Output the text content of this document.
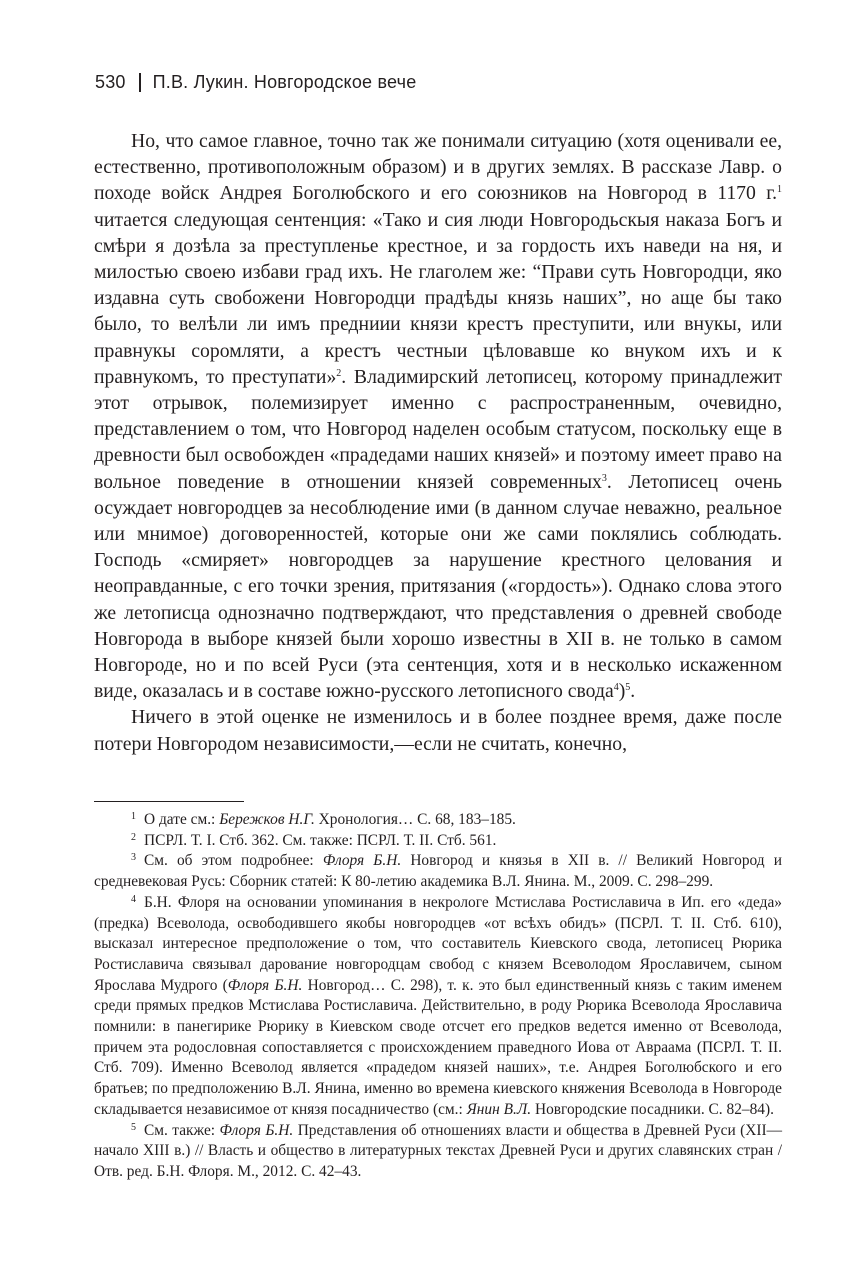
530 П.В. Лукин. Новгородское вече

Но, что самое главное, точно так же понимали ситуацию (хотя оценивали ее, естественно, противоположным образом) и в других землях. В рассказе Лавр. о походе войск Андрея Боголюбского и его союзников на Новгород в 1170 г.$^1$ читается следующая сентенция: «Тако и сия люди Новгородьскыя наказа Богъ и смѣри я дозѣла за преступленье крестное, и за гордость ихъ наведи на ня, и милостью своею избави град ихъ. Не глаголем же: “Прави суть Новгородци, яко издавна суть свобожени Новгородци прадѣды князь наших”, но аще бы тако было, то велѣли ли имъ предниии князи крестъ преступити, или внукы, или правнукы соромляти, а крестъ честныи цѣловавше ко внуком ихъ и к правнукомъ, то преступати»$^2$. Владимирский летописец, которому принадлежит этот отрывок, полемизирует именно с распространенным, очевидно, представлением о том, что Новгород наделен особым статусом, поскольку еще в древности был освобожден «прадедами наших князей» и поэтому имеет право на вольное поведение в отношении князей современных$^3$. Летописец очень осуждает новгородцев за несоблюдение ими (в данном случае неважно, реальное или мнимое) договоренностей, которые они же сами поклялись соблюдать. Господь «смиряет» новгородцев за нарушение крестного целования и неоправданные, с его точки зрения, притязания («гордость»). Однако слова этого же летописца однозначно подтверждают, что представления о древней свободе Новгорода в выборе князей были хорошо известны в XII в. не только в самом Новгороде, но и по всей Руси (эта сентенция, хотя и в несколько искаженном виде, оказалась и в составе южно-русского летописного свода$^4$)$^5$.

Ничего в этой оценке не изменилось и в более позднее время, даже после потери Новгородом независимости,—если не считать, конечно,

$^1$ О дате см.: Бережков Н.Г. Хронология… С. 68, 183–185.

$^2$ ПСРЛ. Т. I. Стб. 362. См. также: ПСРЛ. Т. II. Стб. 561.

$^3$ См. об этом подробнее: Флоря Б.Н. Новгород и князья в XII в. // Великий Новгород и средневековая Русь: Сборник статей: К 80-летию академика В.Л. Янина. М., 2009. С. 298–299.

$^4$ Б.Н. Флоря на основании упоминания в некрологе Мстислава Ростиславича в Ип. его «деда» (предка) Всеволода, освободившего якобы новгородцев «от всѣхъ обидъ» (ПСРЛ. Т. II. Стб. 610), высказал интересное предположение о том, что составитель Киевского свода, летописец Рюрика Ростиславича связывал дарование новгородцам свобод с князем Всеволодом Ярославичем, сыном Ярослава Мудрого (Флоря Б.Н. Новгород… С. 298), т. к. это был единственный князь с таким именем среди прямых предков Мстислава Ростиславича. Действительно, в роду Рюрика Всеволода Ярославича помнили: в панегирике Рюрику в Киевском своде отсчет его предков ведется именно от Всеволода, причем эта родословная сопоставляется с происхождением праведного Иова от Авраама (ПСРЛ. Т. II. Стб. 709). Именно Всеволод является «прадедом князей наших», т.е. Андрея Боголюбского и его братьев; по предположению В.Л. Янина, именно во времена киевского княжения Всеволода в Новгороде складывается независимое от князя посадничество (см.: Янин В.Л. Новгородские посадники. С. 82–84).

$^5$ См. также: Флоря Б.Н. Представления об отношениях власти и общества в Древней Руси (XII—начало XIII в.) // Власть и общество в литературных текстах Древней Руси и других славянских стран / Отв. ред. Б.Н. Флоря. М., 2012. С. 42–43.
